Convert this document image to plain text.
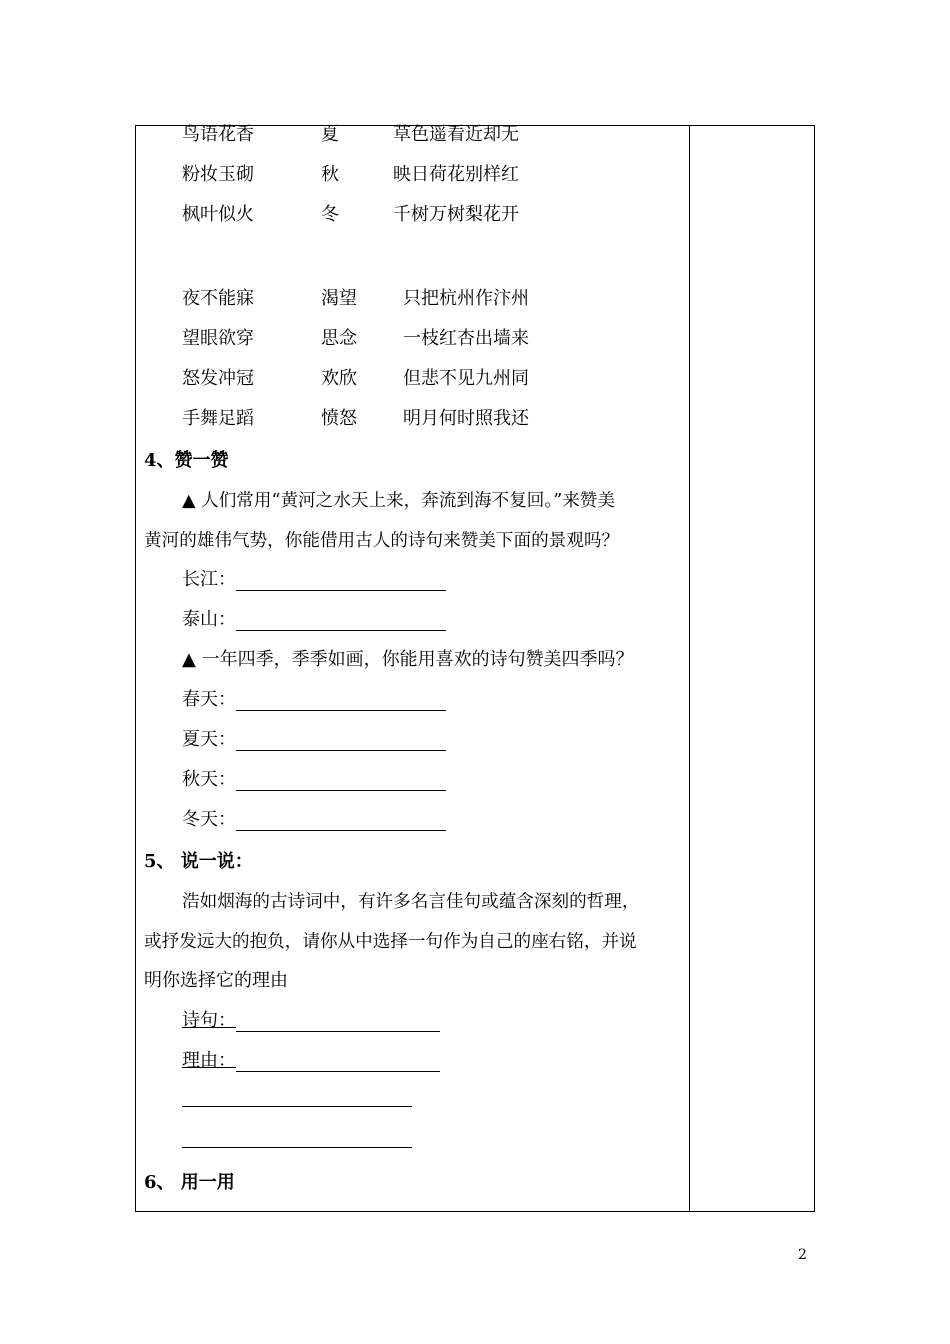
鸟语花香	夏	草色遥看近却无
粉妆玉砌	秋	映日荷花别样红
枫叶似火	冬	千树万树梨花开
夜不能寐	渴望	只把杭州作汴州
望眼欲穿	思念	一枝红杏出墙来
怒发冲冠	欢欣	但悲不见九州同
手舞足蹈	愤怒	明月何时照我还
4、赞一赞
▲ 人们常用“黄河之水天上来，奔流到海不复回。”来赞美
黄河的雄伟气势，你能借用古人的诗句来赞美下面的景观吗？
长江：
泰山：
▲ 一年四季，季季如画，你能用喜欢的诗句赞美四季吗？
春天：
夏天：
秋天：
冬天：
5、 说一说：
浩如烟海的古诗词中，有许多名言佳句或蕴含深刻的哲理，
或抒发远大的抱负，请你从中选择一句作为自己的座右铭，并说
明你选择它的理由
诗句：
理由：
6、 用一用
2
